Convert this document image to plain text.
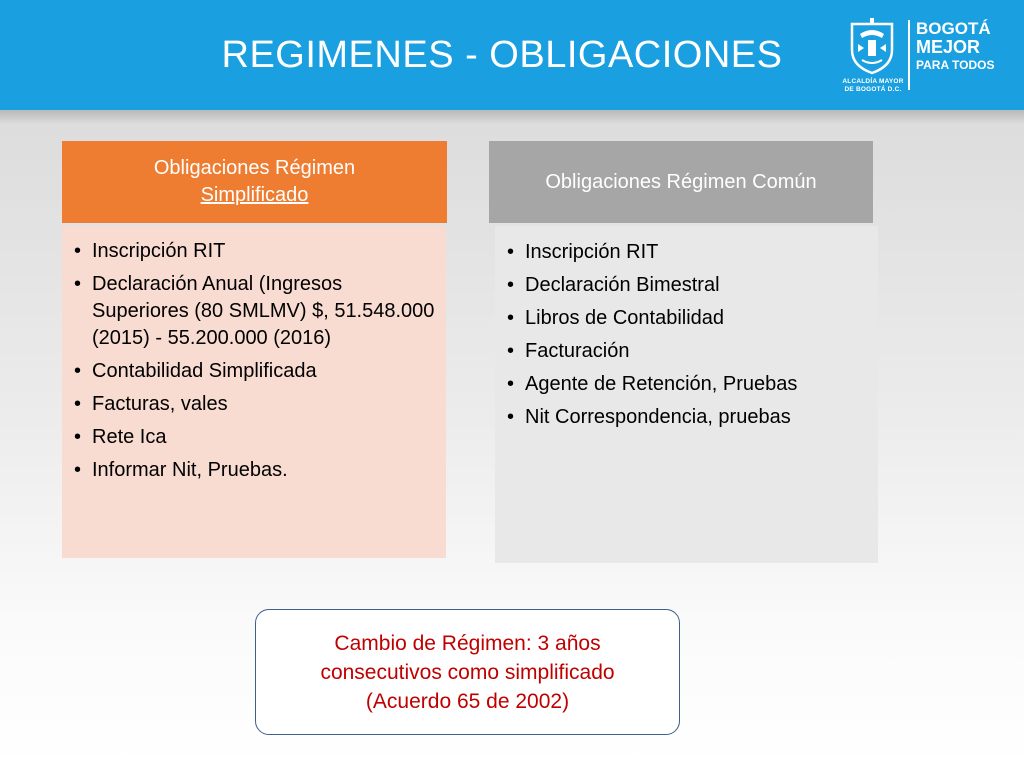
REGIMENES - OBLIGACIONES
ALCALDÍA MAYOR
DE BOGOTÁ D.C.
BOGOTÁ
MEJOR
PARA TODOS
Obligaciones Régimen
Simplificado
• Inscripción RIT
• Declaración Anual (Ingresos Superiores (80 SMLMV) $, 51.548.000 (2015) - 55.200.000 (2016)
• Contabilidad Simplificada
• Facturas, vales
• Rete Ica
• Informar Nit, Pruebas.
Obligaciones Régimen Común
• Inscripción RIT
• Declaración Bimestral
• Libros de Contabilidad
• Facturación
• Agente de Retención, Pruebas
• Nit Correspondencia, pruebas
Cambio de Régimen: 3 años consecutivos como simplificado (Acuerdo 65 de 2002)
